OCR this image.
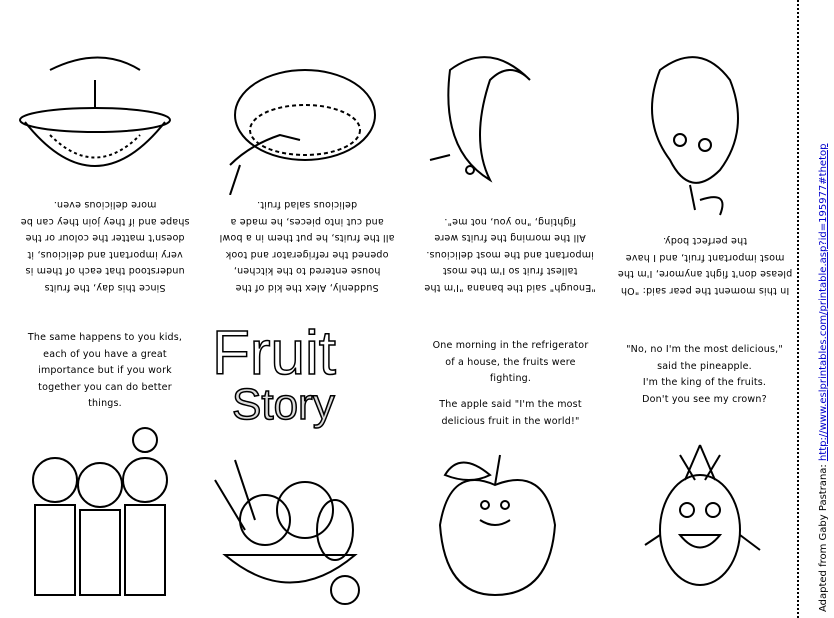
Since this day, the fruits
understood that each of them is
very important and delicious, it
doesn't matter the colour or the
shape and if they join they can be
more delicious even.
Suddenly, Alex the kid of the
house entered to the kitchen,
opened the refrigerator and took
all the fruits, he put them in a bowl
and cut into pieces, he made a
delicious salad fruit.
"Enough" said the banana "I'm the
tallest fruit so I'm the most
important and the most delicious.
All the morning the fruits were
fighting, "no you, not me".
In this moment the pear said: "Oh
please don't fight anymore, I'm the
most important fruit, and I have
the perfect body.
The same happens to you kids,
each of you have a great
importance but if you work
together you can do better
things.
Fruit
Story
One morning in the refrigerator
of a house, the fruits were
fighting.
The apple said "I'm the most
delicious fruit in the world!"
"No, no I'm the most delicious,"
said the pineapple.
I'm the king of the fruits.
Don't you see my crown?
Adapted from Gaby Pastrana: http://www.eslprintables.com/printable.asp?id=195977#thetop
